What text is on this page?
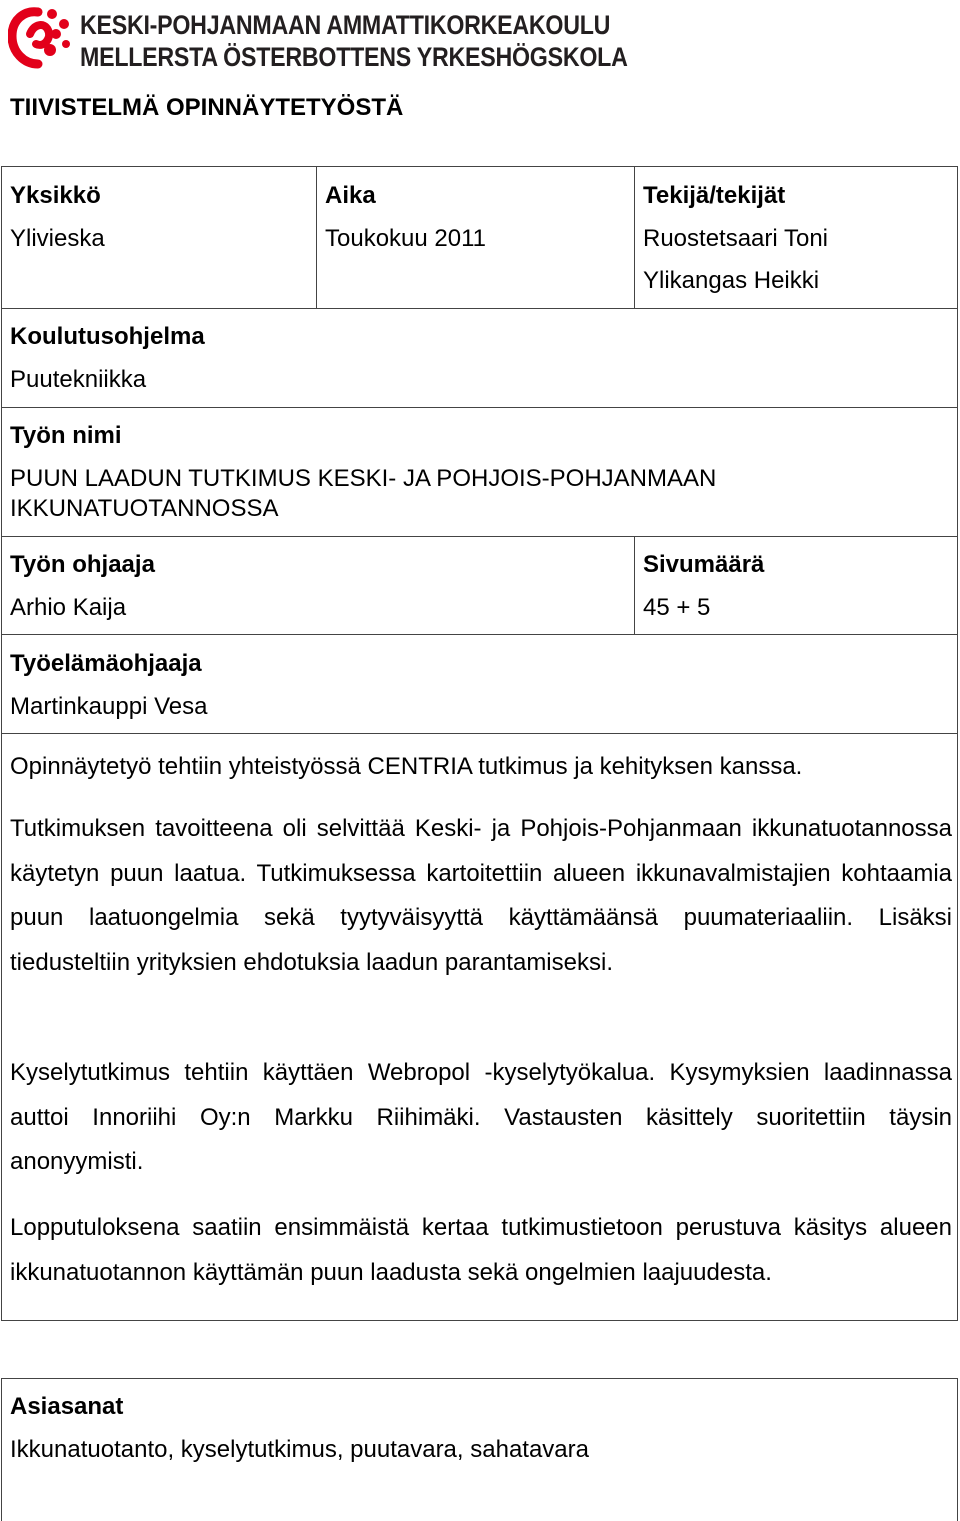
KESKI-POHJANMAAN AMMATTIKORKEAKOULU
MELLERSTA ÖSTERBOTTENS YRKESHÖGSKOLA
TIIVISTELMÄ OPINNÄYTETYÖSTÄ
Yksikkö
Ylivieska
Aika
Toukokuu 2011
Tekijä/tekijät
Ruostetsaari Toni
Ylikangas Heikki
Koulutusohjelma
Puutekniikka
Työn nimi
PUUN LAADUN TUTKIMUS KESKI- JA POHJOIS-POHJANMAAN
IKKUNATUOTANNOSSA
Työn ohjaaja
Arhio Kaija
Sivumäärä
45 + 5
Työelämäohjaaja
Martinkauppi Vesa
Opinnäytetyö tehtiin yhteistyössä CENTRIA tutkimus ja kehityksen kanssa.
Tutkimuksen tavoitteena oli selvittää Keski- ja Pohjois-Pohjanmaan ikkunatuotannossa käytetyn puun laatua. Tutkimuksessa kartoitettiin alueen ikkunavalmistajien kohtaamia puun laatuongelmia sekä tyytyväisyyttä käyttämäänsä puumateriaaliin. Lisäksi tiedusteltiin yrityksien ehdotuksia laadun parantamiseksi.
Kyselytutkimus tehtiin käyttäen Webropol -kyselytyökalua. Kysymyksien laadinnassa auttoi Innoriihi Oy:n Markku Riihimäki. Vastausten käsittely suoritettiin täysin anonyymisti.
Lopputuloksena saatiin ensimmäistä kertaa tutkimustietoon perustuva käsitys alueen ikkunatuotannon käyttämän puun laadusta sekä ongelmien laajuudesta.
Asiasanat
Ikkunatuotanto, kyselytutkimus, puutavara, sahatavara
